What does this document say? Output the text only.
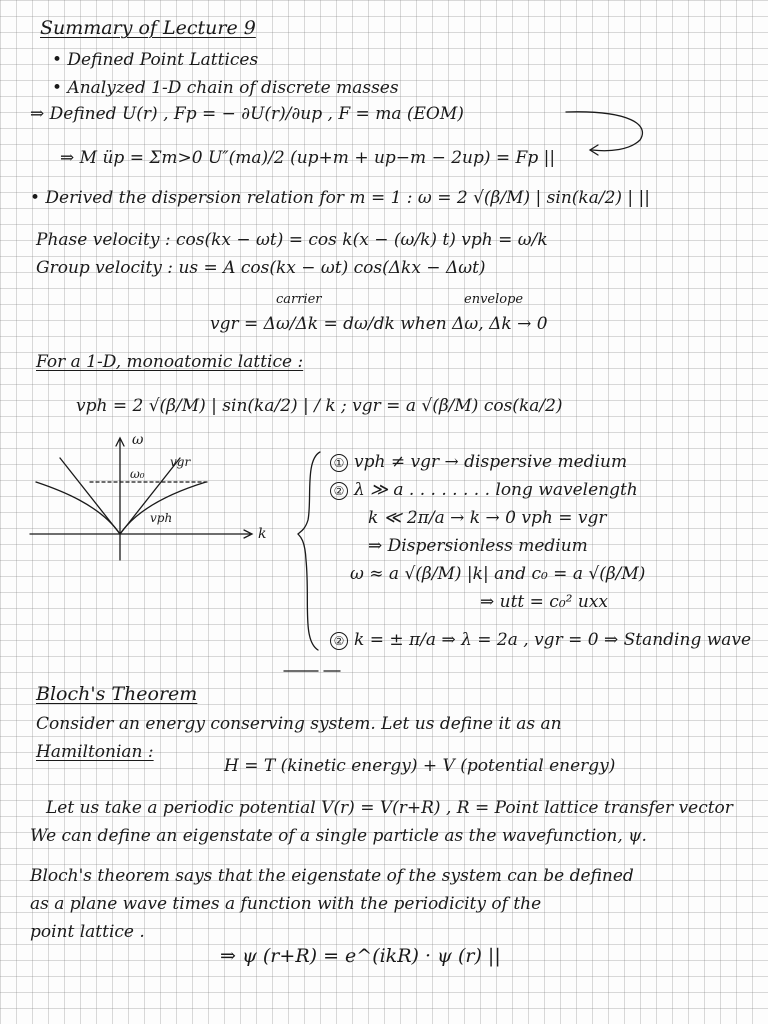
Summary of Lecture 9
• Defined Point Lattices
• Analyzed 1-D chain of discrete masses
⇒ Defined U(r) , Fp = − ∂U(r)/∂up , F = ma (EOM)
⇒ M üp = Σm>0 U″(ma)/2 (up+m + up−m − 2up) = Fp ||
• Derived the dispersion relation for m = 1 : ω = 2 √(β/M) | sin(ka/2) | ||
Phase velocity : cos(kx − ωt) = cos k(x − (ω/k) t) vph = ω/k
Group velocity : us = A cos(kx − ωt) cos(Δkx − Δωt)
carrier	envelope
vgr = Δω/Δk = dω/dk when Δω, Δk → 0
For a 1-D, monoatomic lattice :
vph = 2 √(β/M) | sin(ka/2) | / k ; vgr = a √(β/M) cos(ka/2)
ω
k
ω₀
vgr
vph
① vph ≠ vgr → dispersive medium
② λ ≫ a . . . . . . . . long wavelength
k ≪ 2π/a → k → 0 vph = vgr
⇒ Dispersionless medium
ω ≈ a √(β/M) |k| and c₀ = a √(β/M)
⇒ utt = c₀² uxx
② k = ± π/a ⇒ λ = 2a , vgr = 0 ⇒ Standing wave
Bloch's Theorem
Consider an energy conserving system. Let us define it as an
Hamiltonian :
H = T (kinetic energy) + V (potential energy)
Let us take a periodic potential V(r) = V(r+R) , R = Point lattice transfer vector
We can define an eigenstate of a single particle as the wavefunction, ψ.
Bloch's theorem says that the eigenstate of the system can be defined
as a plane wave times a function with the periodicity of the
point lattice .
⇒ ψ (r+R) = e^(ikR) · ψ (r) ||
